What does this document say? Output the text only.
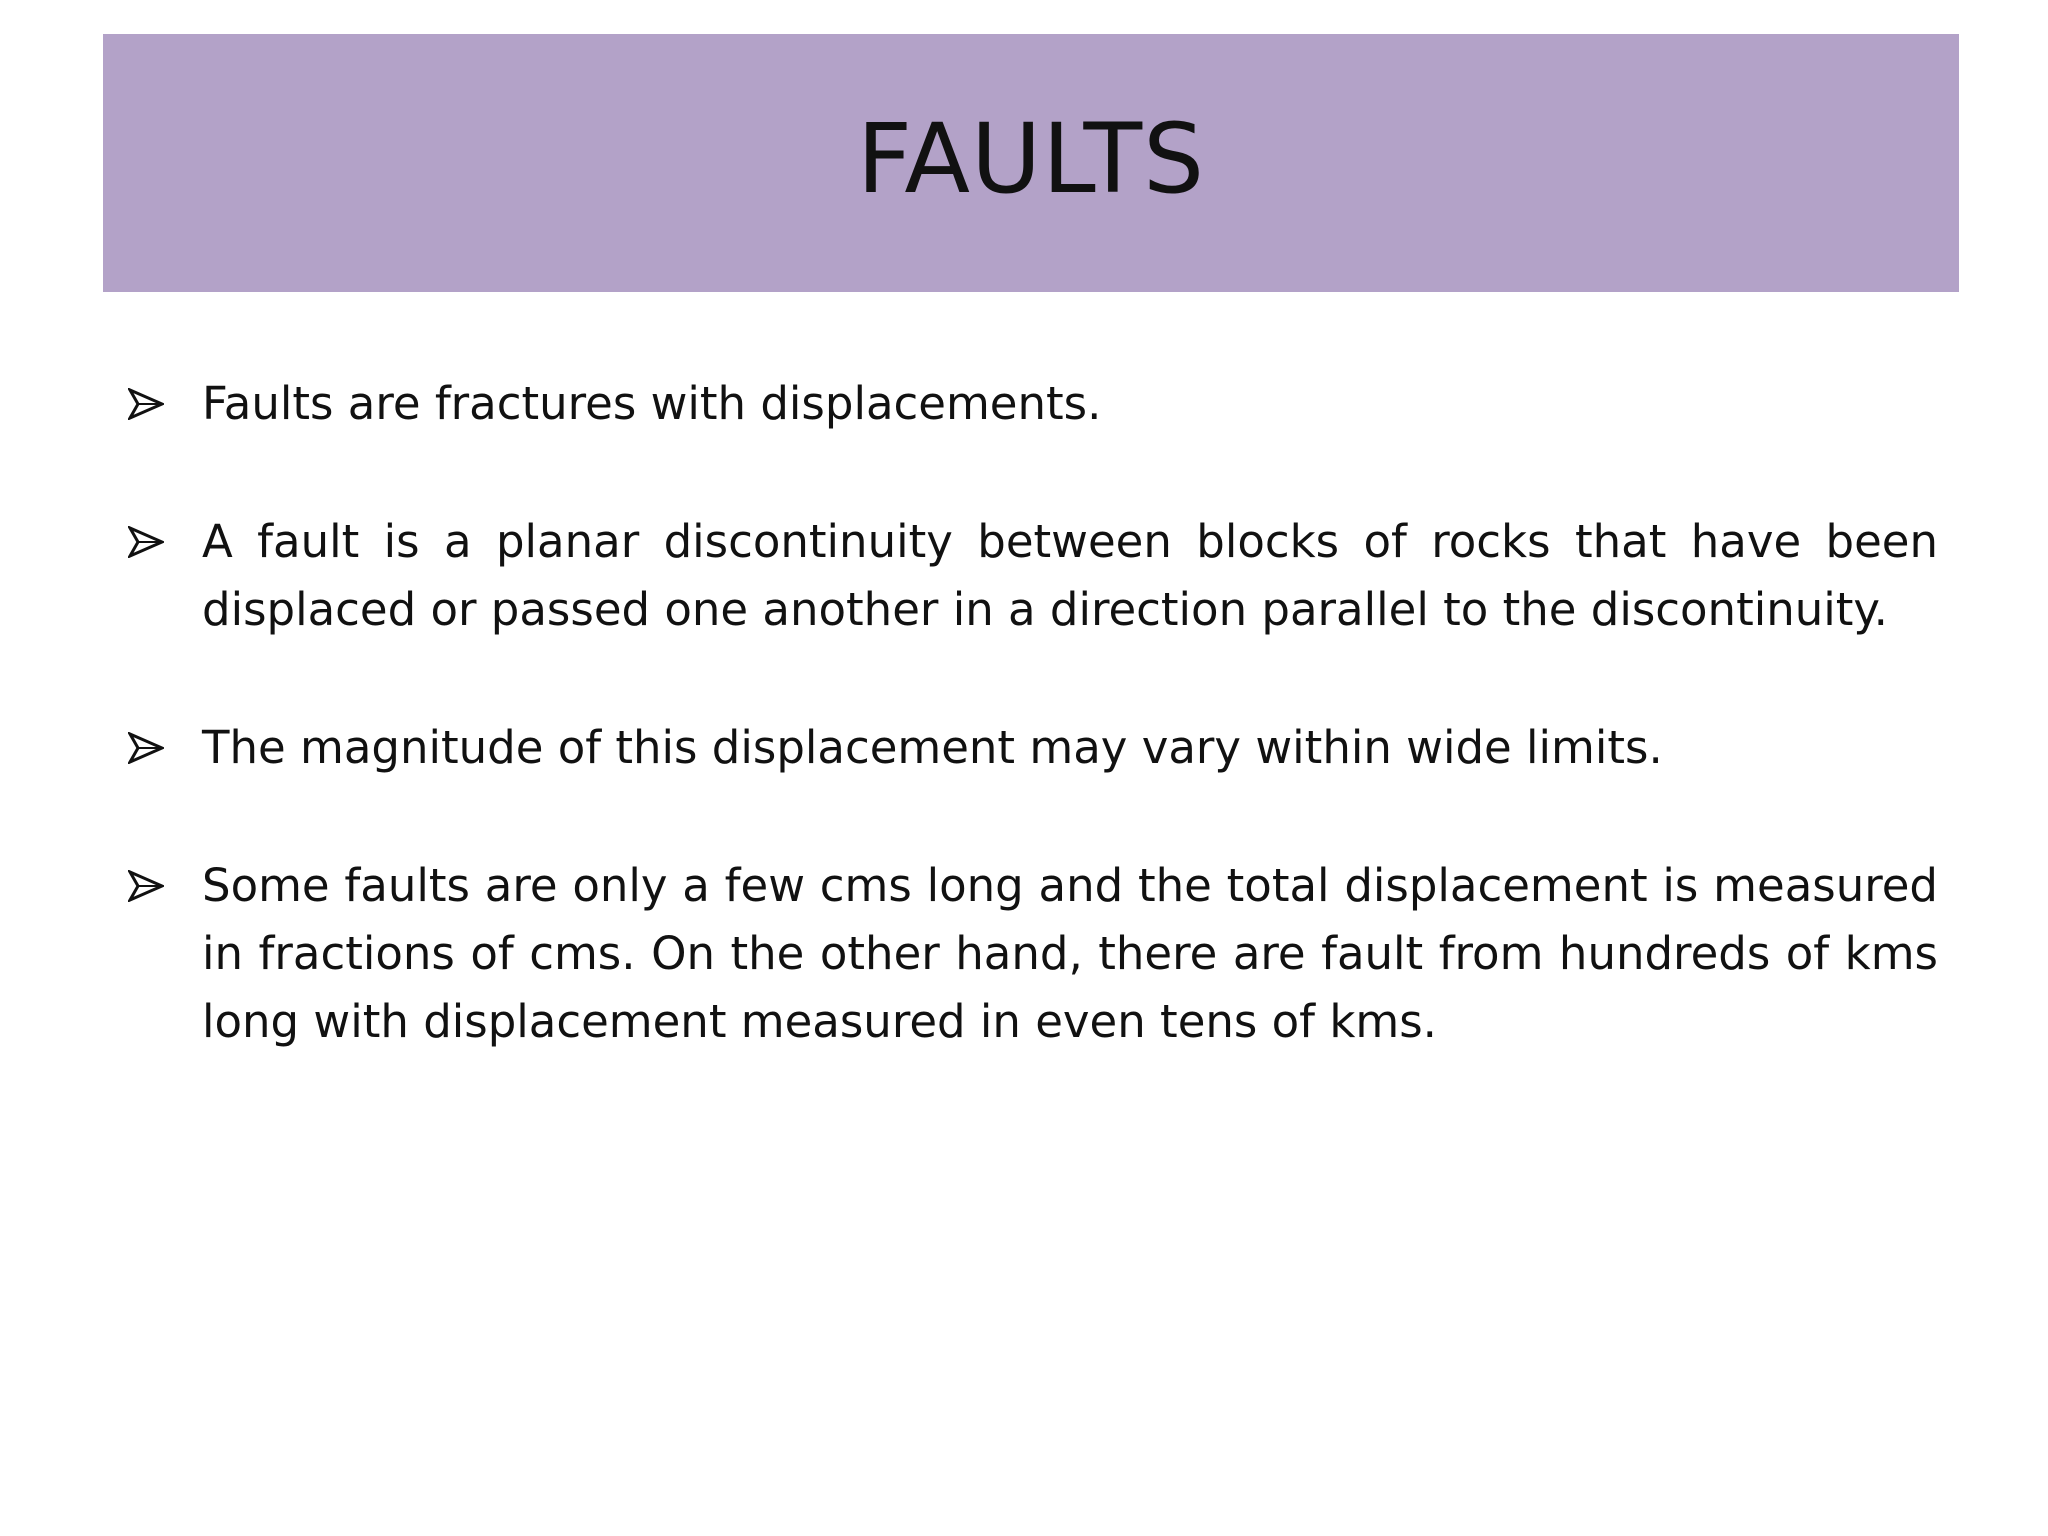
FAULTS
Faults are fractures with displacements.
A fault is a planar discontinuity between blocks of rocks that have been displaced or passed one another in a direction parallel to the discontinuity.
The magnitude of this displacement may vary within wide limits.
Some faults are only a few cms long and the total displacement is measured in fractions of cms. On the other hand, there are fault from hundreds of kms long with displacement measured in even tens of kms.
